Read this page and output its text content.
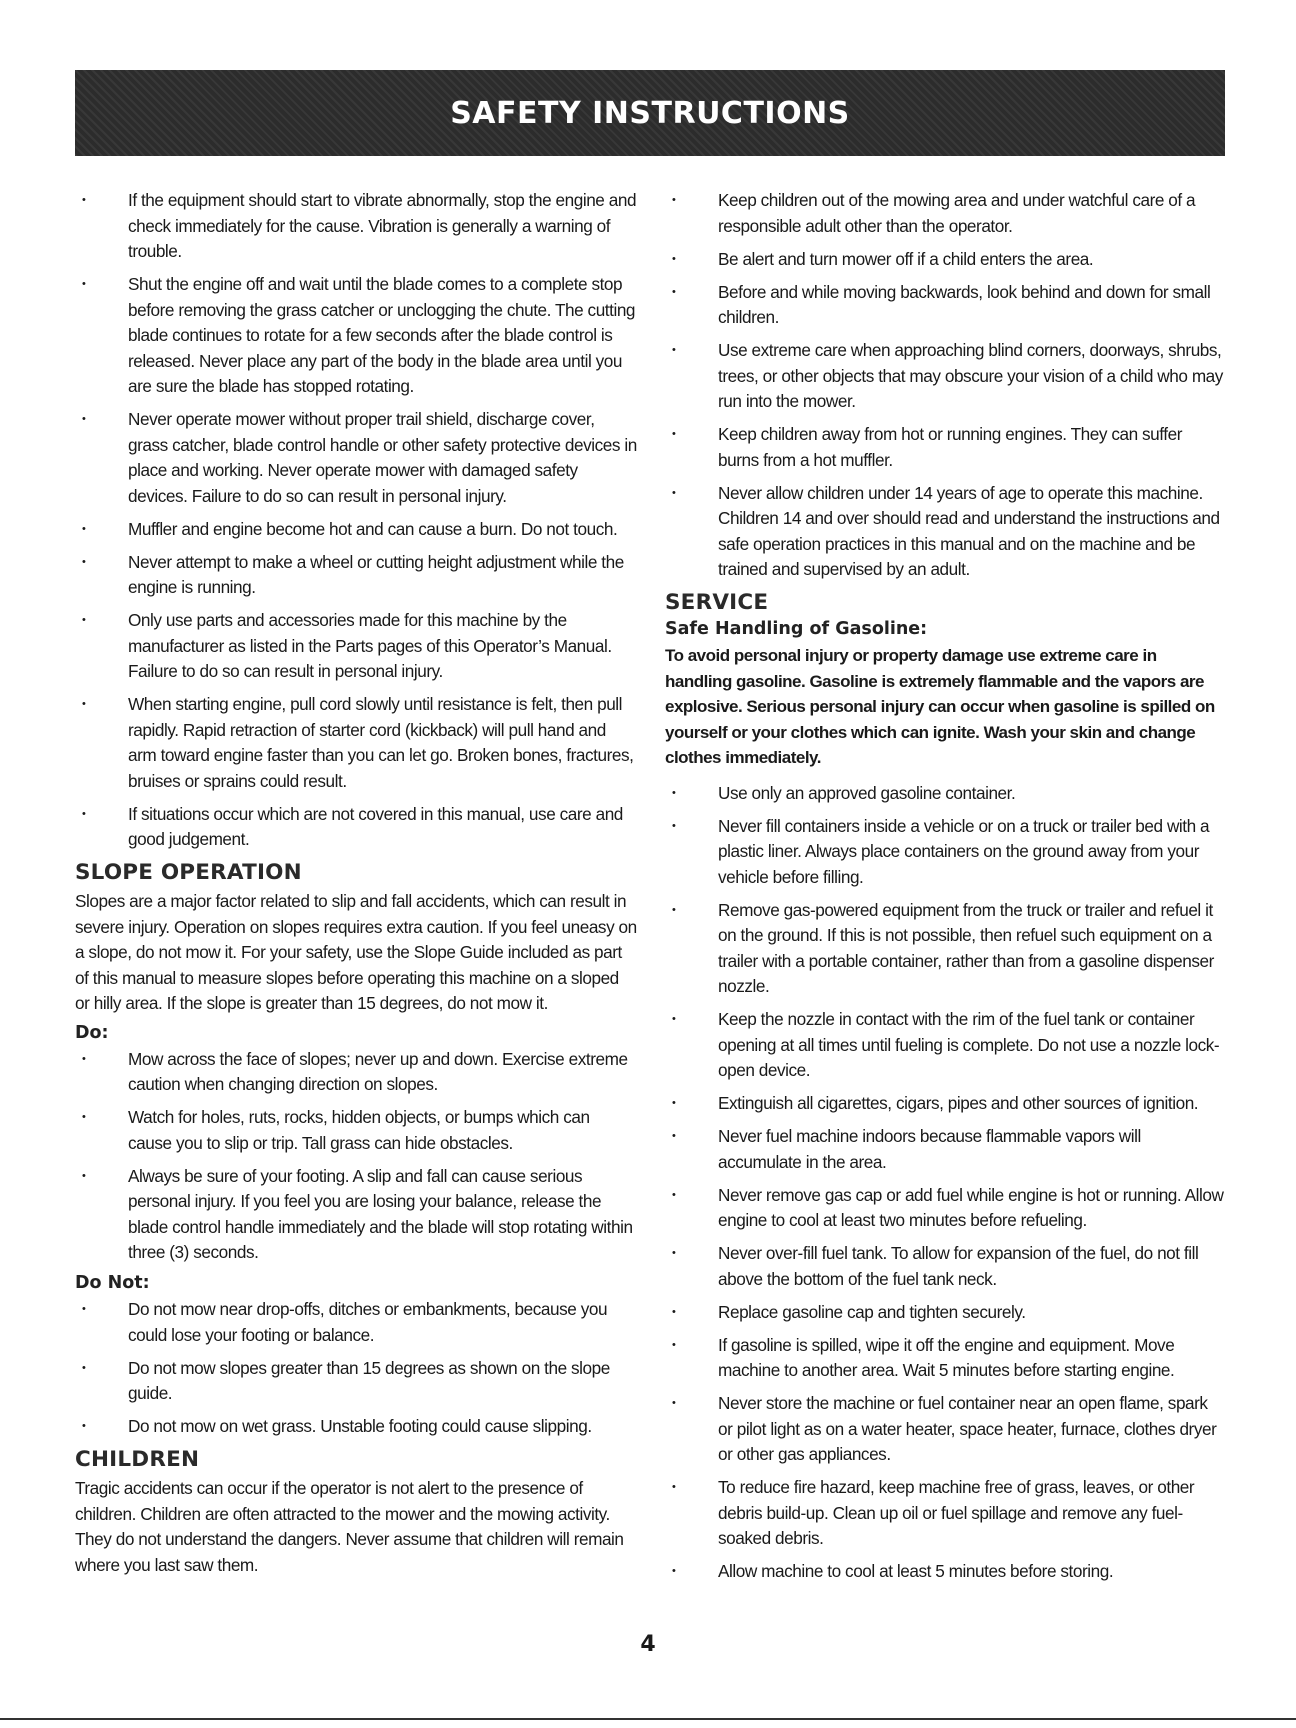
SAFETY INSTRUCTIONS
• If the equipment should start to vibrate abnormally, stop the engine and check immediately for the cause. Vibration is generally a warning of trouble.
• Shut the engine off and wait until the blade comes to a complete stop before removing the grass catcher or unclogging the chute. The cutting blade continues to rotate for a few seconds after the blade control is released. Never place any part of the body in the blade area until you are sure the blade has stopped rotating.
• Never operate mower without proper trail shield, discharge cover, grass catcher, blade control handle or other safety protective devices in place and working. Never operate mower with damaged safety devices. Failure to do so can result in personal injury.
• Muffler and engine become hot and can cause a burn. Do not touch.
• Never attempt to make a wheel or cutting height adjustment while the engine is running.
• Only use parts and accessories made for this machine by the manufacturer as listed in the Parts pages of this Operator’s Manual. Failure to do so can result in personal injury.
• When starting engine, pull cord slowly until resistance is felt, then pull rapidly. Rapid retraction of starter cord (kickback) will pull hand and arm toward engine faster than you can let go. Broken bones, fractures, bruises or sprains could result.
• If situations occur which are not covered in this manual, use care and good judgement.
SLOPE OPERATION

Slopes are a major factor related to slip and fall accidents, which can result in severe injury. Operation on slopes requires extra caution. If you feel uneasy on a slope, do not mow it. For your safety, use the Slope Guide included as part of this manual to measure slopes before operating this machine on a sloped or hilly area. If the slope is greater than 15 degrees, do not mow it.

Do:
• Mow across the face of slopes; never up and down. Exercise extreme caution when changing direction on slopes.
• Watch for holes, ruts, rocks, hidden objects, or bumps which can cause you to slip or trip. Tall grass can hide obstacles.
• Always be sure of your footing. A slip and fall can cause serious personal injury. If you feel you are losing your balance, release the blade control handle immediately and the blade will stop rotating within three (3) seconds.
Do Not:
• Do not mow near drop-offs, ditches or embankments, because you could lose your footing or balance.
• Do not mow slopes greater than 15 degrees as shown on the slope guide.
• Do not mow on wet grass. Unstable footing could cause slipping.
CHILDREN

Tragic accidents can occur if the operator is not alert to the presence of children. Children are often attracted to the mower and the mowing activity. They do not understand the dangers. Never assume that children will remain where you last saw them.

• Keep children out of the mowing area and under watchful care of a responsible adult other than the operator.
• Be alert and turn mower off if a child enters the area.
• Before and while moving backwards, look behind and down for small children.
• Use extreme care when approaching blind corners, doorways, shrubs, trees, or other objects that may obscure your vision of a child who may run into the mower.
• Keep children away from hot or running engines. They can suffer burns from a hot muffler.
• Never allow children under 14 years of age to operate this machine. Children 14 and over should read and understand the instructions and safe operation practices in this manual and on the machine and be trained and supervised by an adult.
SERVICE
Safe Handling of Gasoline:

To avoid personal injury or property damage use extreme care in handling gasoline. Gasoline is extremely flammable and the vapors are explosive. Serious personal injury can occur when gasoline is spilled on yourself or your clothes which can ignite. Wash your skin and change clothes immediately.

• Use only an approved gasoline container.
• Never fill containers inside a vehicle or on a truck or trailer bed with a plastic liner. Always place containers on the ground away from your vehicle before filling.
• Remove gas-powered equipment from the truck or trailer and refuel it on the ground. If this is not possible, then refuel such equipment on a trailer with a portable container, rather than from a gasoline dispenser nozzle.
• Keep the nozzle in contact with the rim of the fuel tank or container opening at all times until fueling is complete. Do not use a nozzle lock-open device.
• Extinguish all cigarettes, cigars, pipes and other sources of ignition.
• Never fuel machine indoors because flammable vapors will accumulate in the area.
• Never remove gas cap or add fuel while engine is hot or running. Allow engine to cool at least two minutes before refueling.
• Never over-fill fuel tank. To allow for expansion of the fuel, do not fill above the bottom of the fuel tank neck.
• Replace gasoline cap and tighten securely.
• If gasoline is spilled, wipe it off the engine and equipment. Move machine to another area. Wait 5 minutes before starting engine.
• Never store the machine or fuel container near an open flame, spark or pilot light as on a water heater, space heater, furnace, clothes dryer or other gas appliances.
• To reduce fire hazard, keep machine free of grass, leaves, or other debris build-up. Clean up oil or fuel spillage and remove any fuel-soaked debris.
• Allow machine to cool at least 5 minutes before storing.
4
